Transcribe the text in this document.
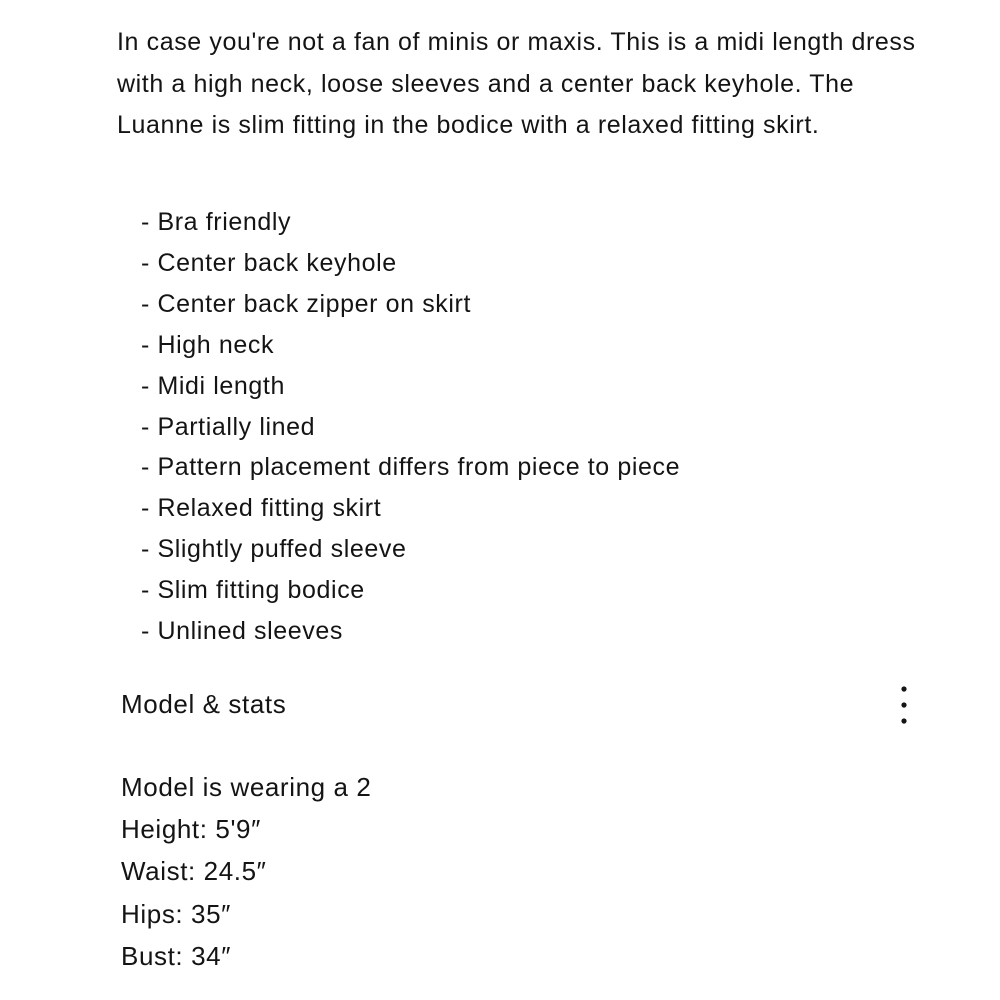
In case you're not a fan of minis or maxis. This is a midi length dress with a high neck, loose sleeves and a center back keyhole. The Luanne is slim fitting in the bodice with a relaxed fitting skirt.

- Bra friendly
- Center back keyhole
- Center back zipper on skirt
- High neck
- Midi length
- Partially lined
- Pattern placement differs from piece to piece
- Relaxed fitting skirt
- Slightly puffed sleeve
- Slim fitting bodice
- Unlined sleeves
Model & stats
Model is wearing a 2
Height: 5'9″
Waist: 24.5″
Hips: 35″
Bust: 34″
